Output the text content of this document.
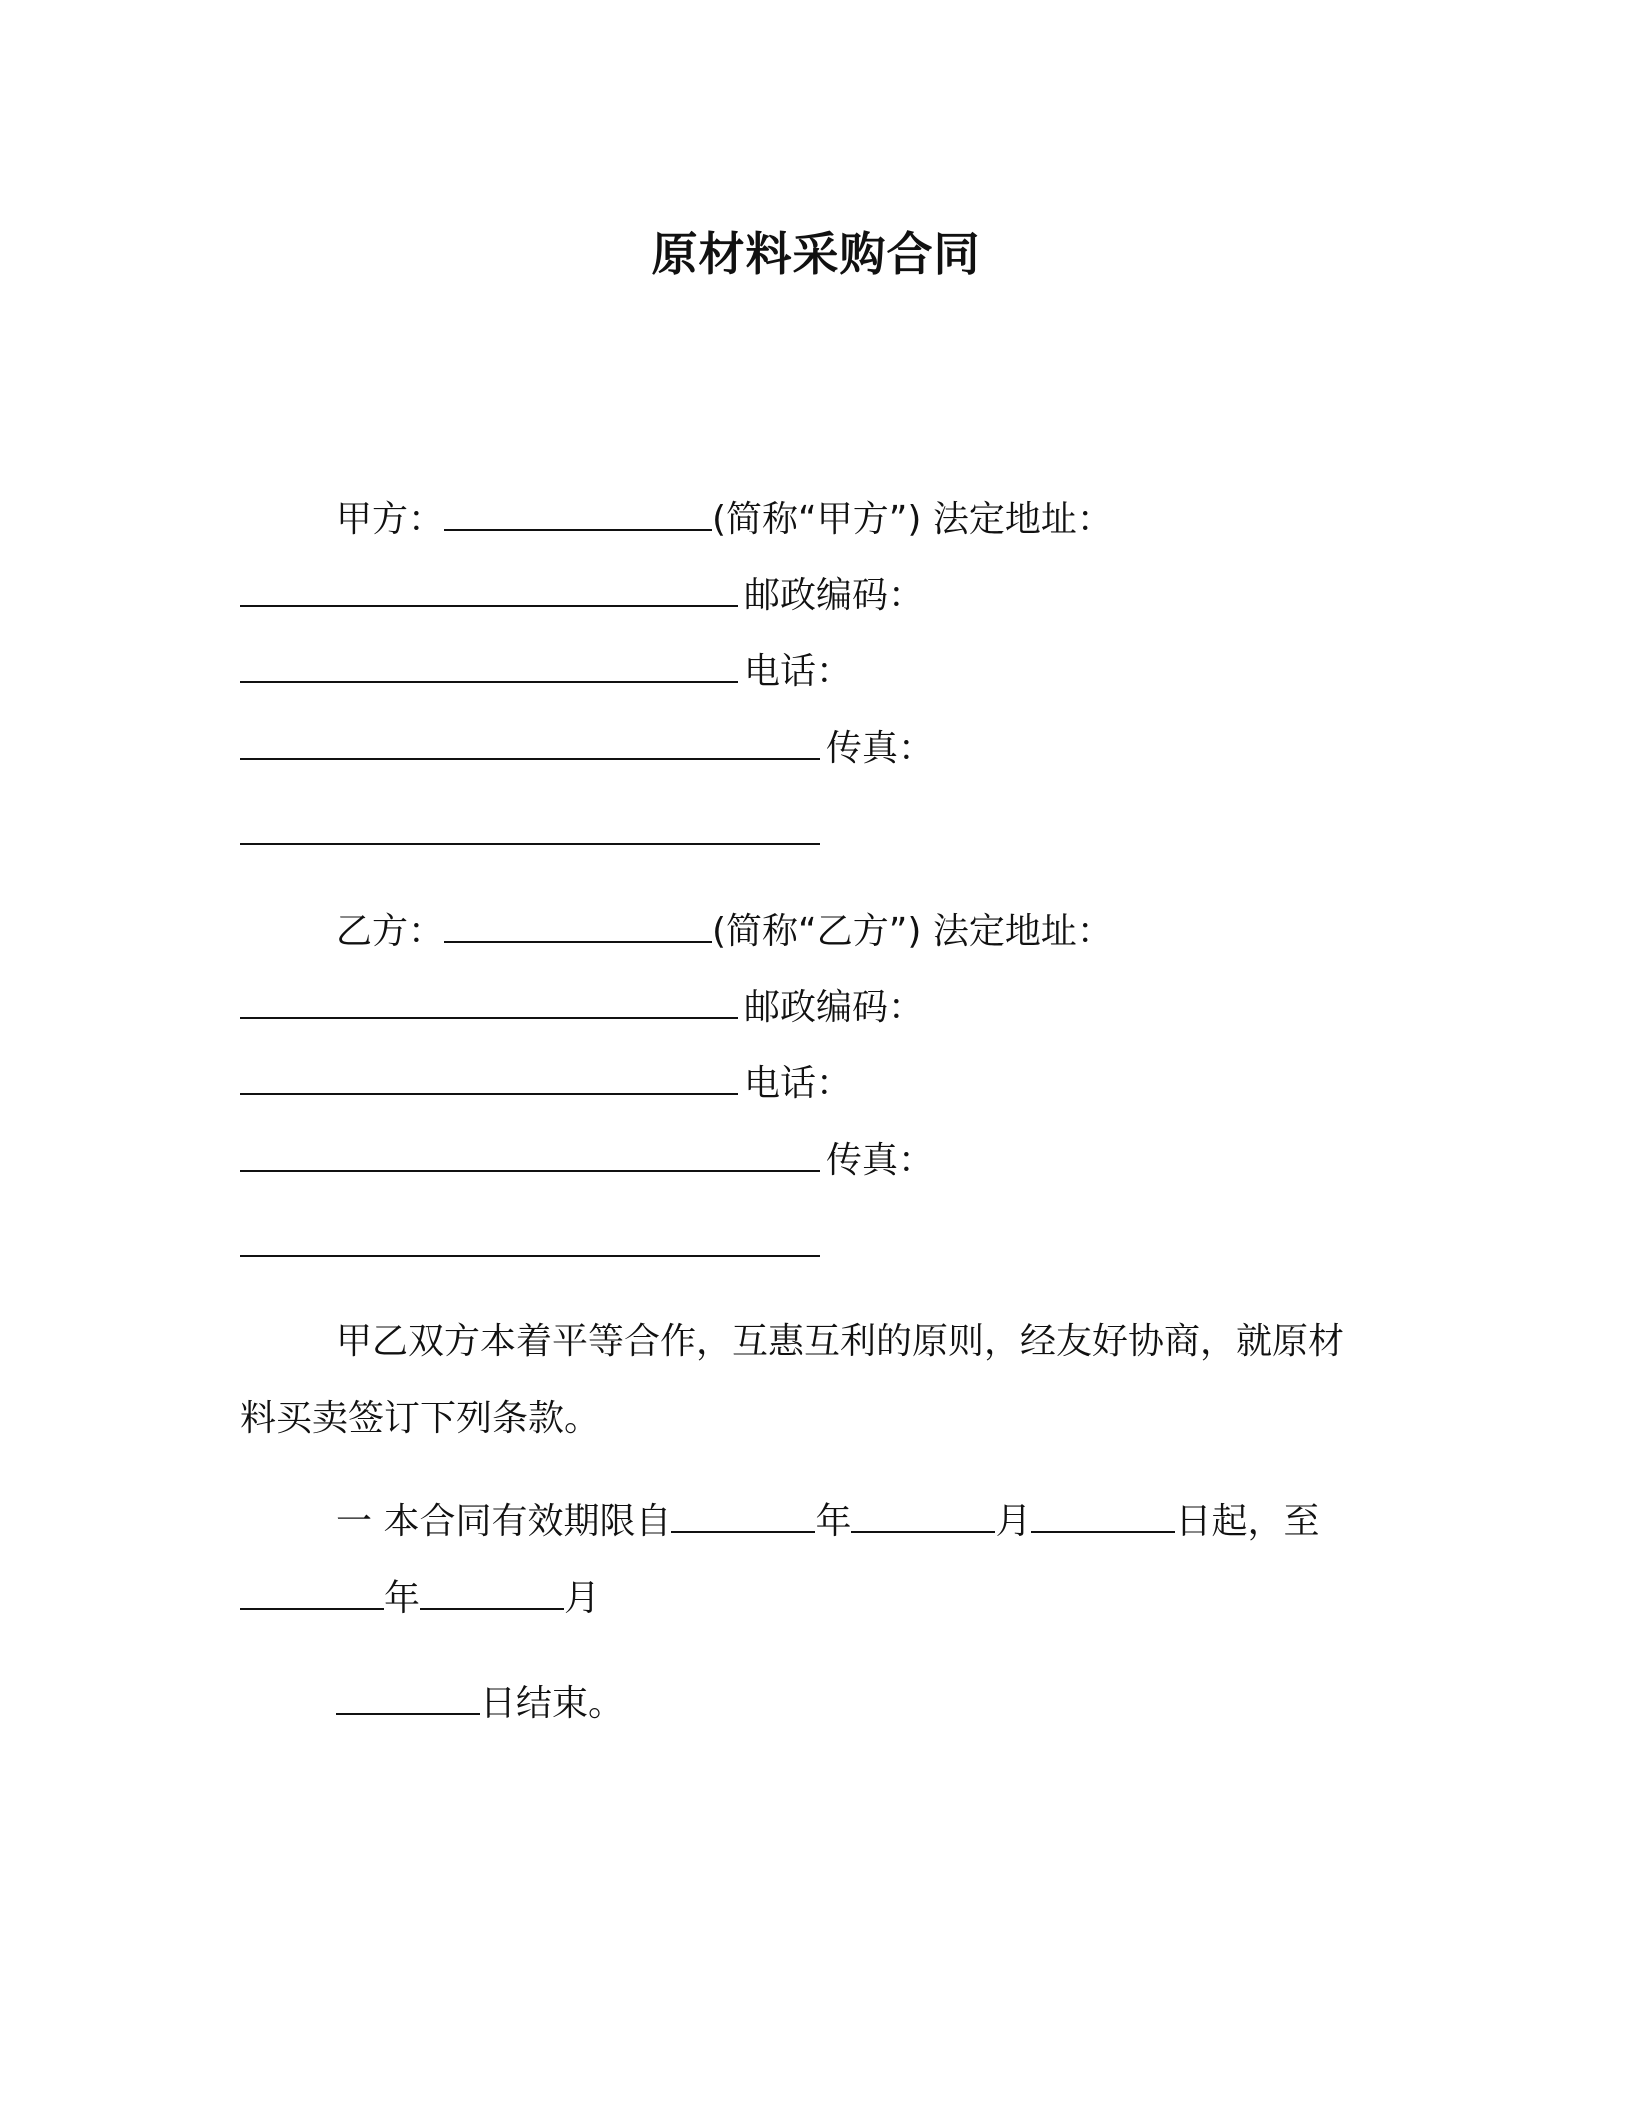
原材料采购合同
甲方：	(简称“甲方”) 法定地址：
邮政编码：
电话：
传真：
乙方：	(简称“乙方”) 法定地址：
邮政编码：
电话：
传真：
甲乙双方本着平等合作，互惠互利的原则，经友好协商，就原材
料买卖签订下列条款。
一 本合同有效期限自	年	月	日起，至
年	月
日结束。
